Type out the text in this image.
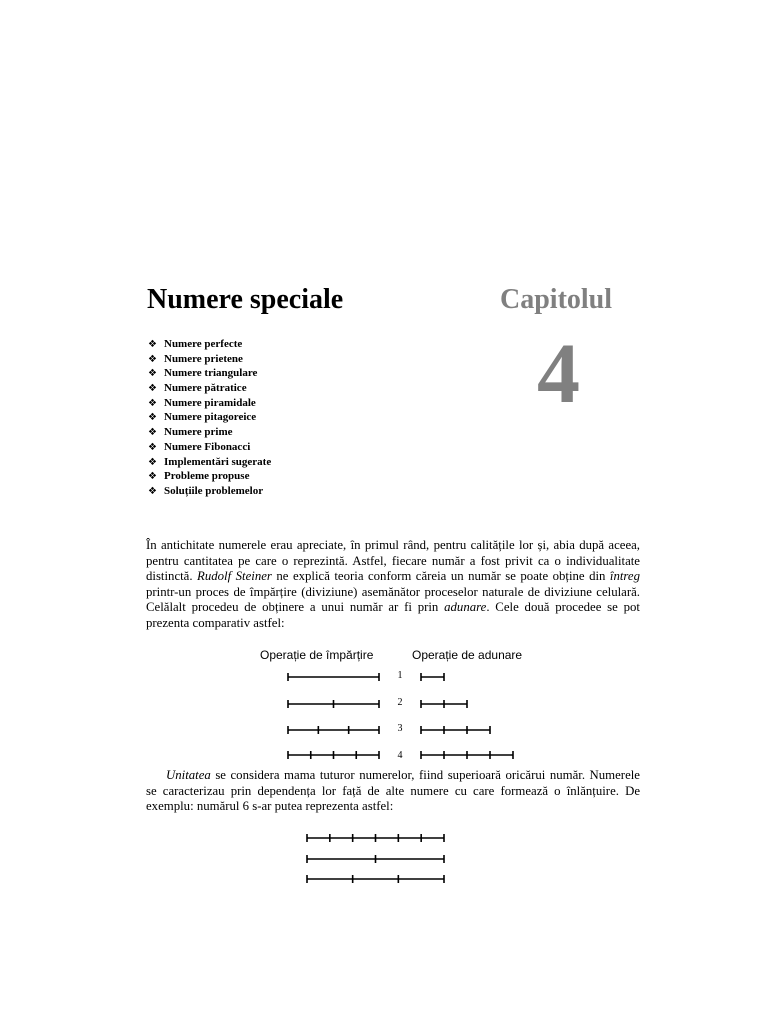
Numere speciale	Capitolul
4
❖ Numere perfecte
❖ Numere prietene
❖ Numere triangulare
❖ Numere pătratice
❖ Numere piramidale
❖ Numere pitagoreice
❖ Numere prime
❖ Numere Fibonacci
❖ Implementări sugerate
❖ Probleme propuse
❖ Soluțiile problemelor

În antichitate numerele erau apreciate, în primul rând, pentru calitățile lor și, abia după aceea, pentru cantitatea pe care o reprezintă. Astfel, fiecare număr a fost privit ca o individualitate distinctă. Rudolf Steiner ne explică teoria conform căreia un număr se poate obține din întreg printr-un proces de împărțire (diviziune) asemănător proceselor naturale de diviziune celulară. Celălalt procedeu de obținere a unui număr ar fi prin adunare. Cele două procedee se pot prezenta comparativ astfel:

Operație de împărțire	Operație de adunare
1
2
3
4

Unitatea se considera mama tuturor numerelor, fiind superioară oricărui număr. Numerele se caracterizau prin dependența lor față de alte numere cu care formează o înlănțuire. De exemplu: numărul 6 s-ar putea reprezenta astfel:
